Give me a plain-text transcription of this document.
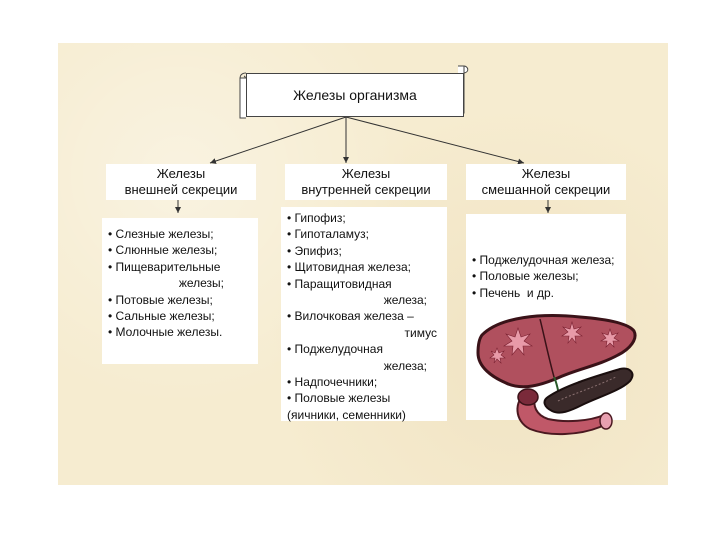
Железы организма
Железы
внешней секреции
Железы
внутренней секреции
Железы
смешанной секреции
• Слезные железы;
• Слюнные железы;
• Пищеварительные
железы;
• Потовые железы;
• Сальные железы;
• Молочные железы.
• Гипофиз;
• Гипоталамуз;
• Эпифиз;
• Щитовидная железа;
• Паращитовидная
железа;
• Вилочковая железа –
тимус
• Поджелудочная
железа;
• Надпочечники;
• Половые железы
(яичники, семенники)
• Поджелудочная железа;
• Половые железы;
• Печень  и др.
